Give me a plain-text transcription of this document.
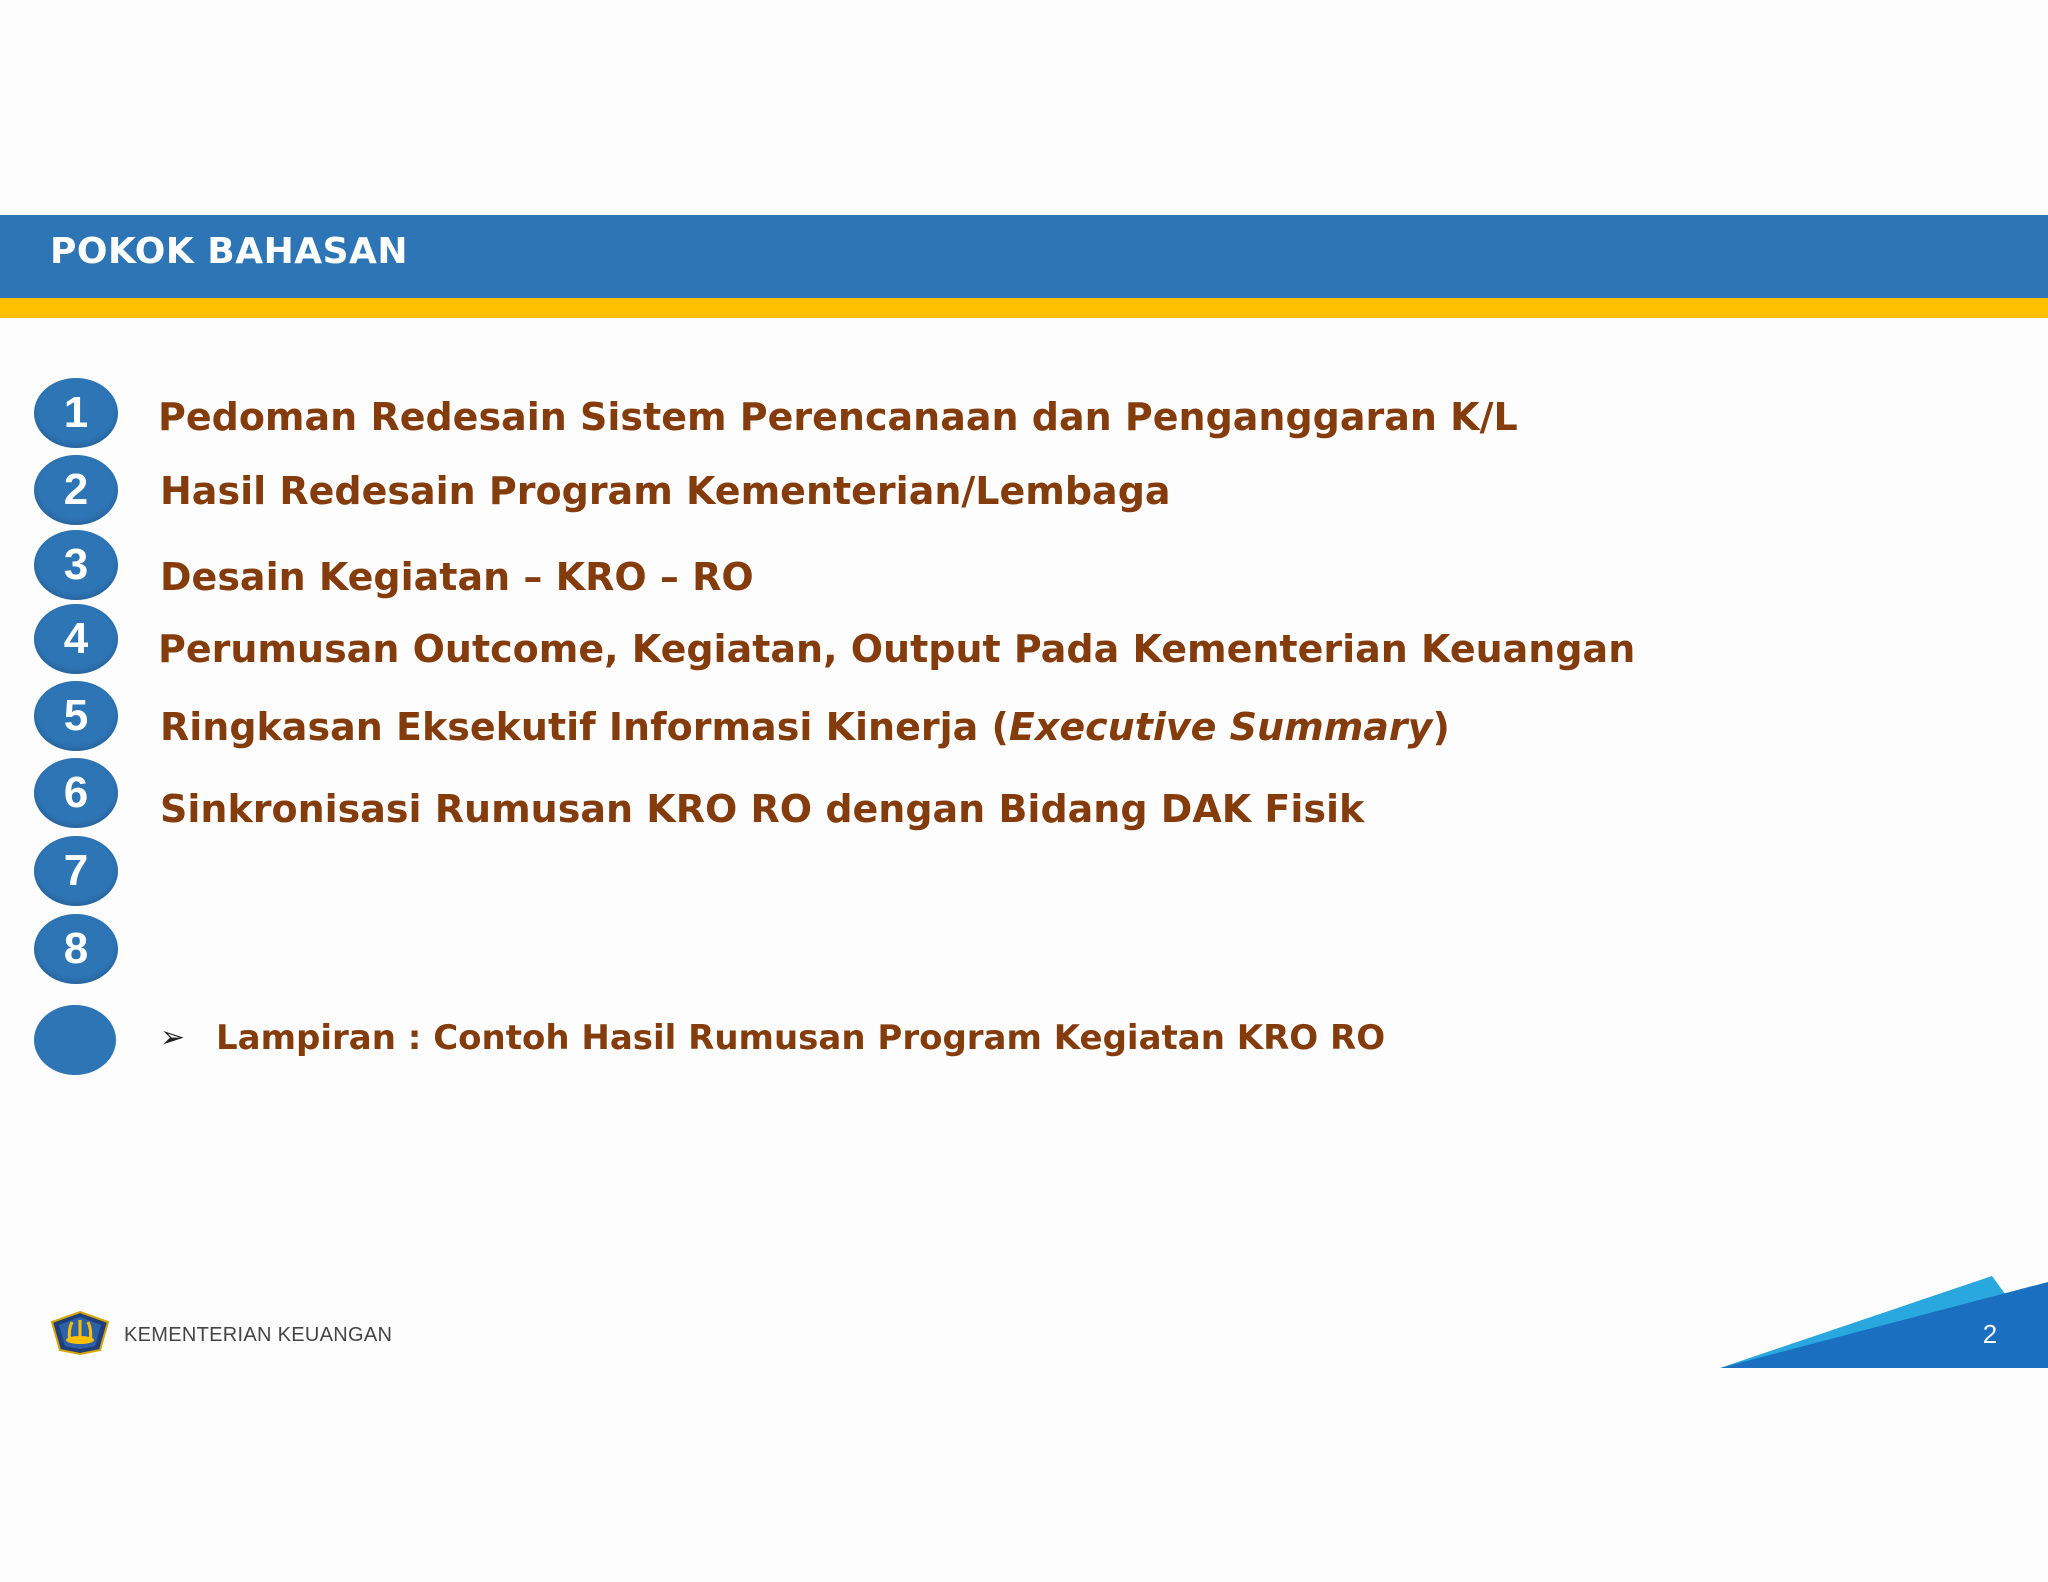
POKOK BAHASAN
1
2
3
4
5
6
7
8
Pedoman Redesain Sistem Perencanaan dan Penganggaran K/L
Hasil Redesain Program Kementerian/Lembaga
Desain Kegiatan – KRO – RO
Perumusan Outcome, Kegiatan, Output Pada Kementerian Keuangan
Ringkasan Eksekutif Informasi Kinerja (Executive Summary)
Sinkronisasi Rumusan KRO RO dengan Bidang DAK Fisik
➢ Lampiran : Contoh Hasil Rumusan Program Kegiatan KRO RO
KEMENTERIAN KEUANGAN	2
